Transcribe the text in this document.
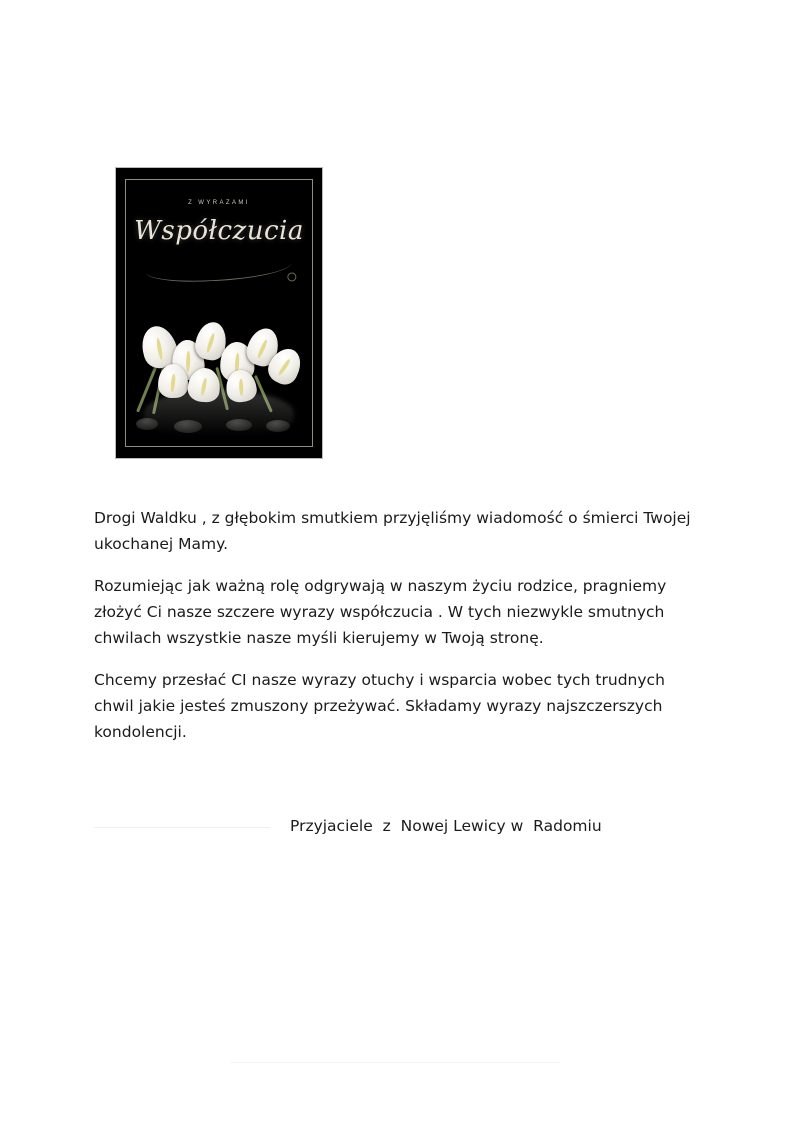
Z WYRAZAMI
Współczucia

Drogi Waldku , z głębokim smutkiem przyjęliśmy wiadomość o śmierci Twojej ukochanej Mamy.

Rozumiejąc jak ważną rolę odgrywają w naszym życiu rodzice, pragniemy złożyć Ci nasze szczere wyrazy współczucia . W tych niezwykle smutnych chwilach wszystkie nasze myśli kierujemy w Twoją stronę.

Chcemy przesłać CI nasze wyrazy otuchy i wsparcia wobec tych trudnych chwil jakie jesteś zmuszony przeżywać. Składamy wyrazy najszczerszych kondolencji.

Przyjaciele  z  Nowej Lewicy w  Radomiu
